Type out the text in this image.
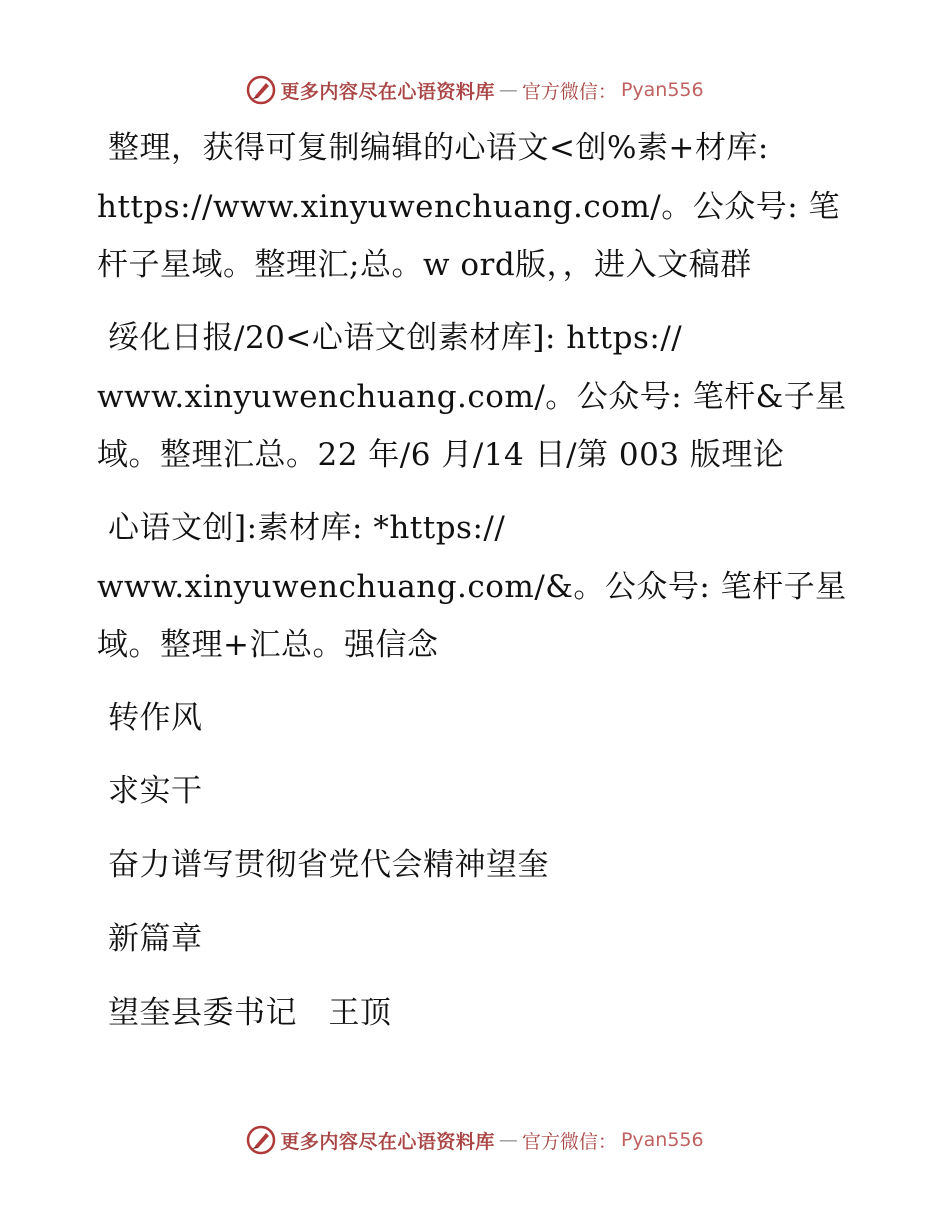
更多内容尽在心语资料库 — 官方微信： Pyan556
整理，获得可复制编辑的心语文<创%素+材库:
https://www.xinyuwenchuang.com/。公众号: 笔
杆子星域。整理汇;总。w ord版，，进入文稿群
绥化日报/20<心语文创素材库]: https://
www.xinyuwenchuang.com/。公众号: 笔杆&子星
域。整理汇总。22 年/6 月/14 日/第 003 版理论
心语文创]:素材库: *https://
www.xinyuwenchuang.com/&。公众号: 笔杆子星
域。整理+汇总。强信念
转作风
求实干
奋力谱写贯彻省党代会精神望奎
新篇章
望奎县委书记　王顶
更多内容尽在心语资料库 — 官方微信： Pyan556
